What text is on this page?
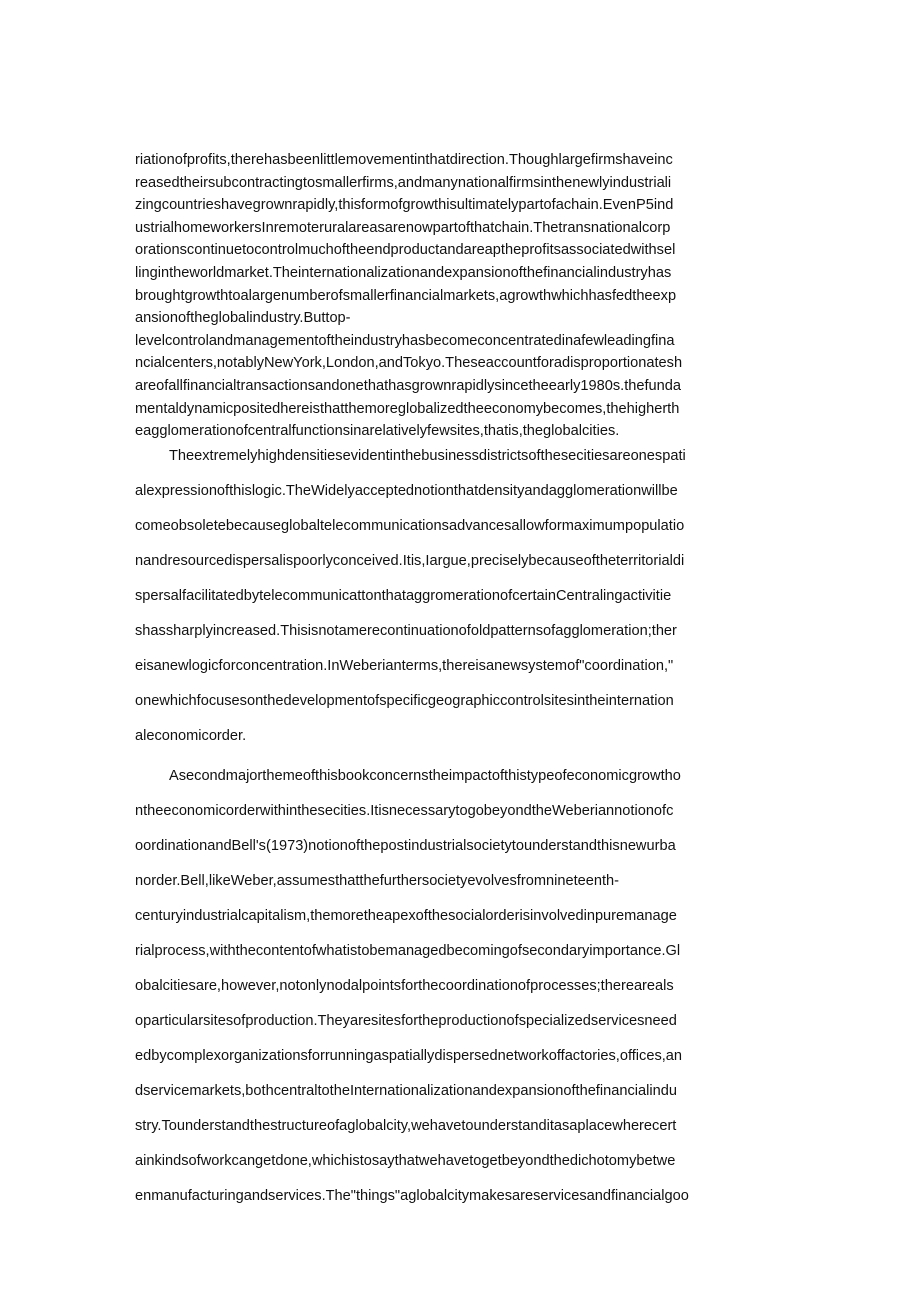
riationofprofits,therehasbeenlittlemovementinthatdirection.Thoughlargefirmshaveinc
reasedtheirsubcontractingtosmallerfirms,andmanynationalfirmsinthenewlyindustriali
zingcountrieshavegrownrapidly,thisformofgrowthisultimatelypartofachain.EvenP5ind
ustrialhomeworkersInremoteruralareasarenowpartofthatchain.Thetransnationalcorp
orationscontinuetocontrolmuchoftheendproductandareaptheprofitsassociatedwithsel
lingintheworldmarket.Theinternationalizationandexpansionofthefinancialindustryhas
broughtgrowthtoalargenumberofsmallerfinancialmarkets,agrowthwhichhasfedtheexp
ansionoftheglobalindustry.Buttop-
levelcontrolandmanagementoftheindustryhasbecomeconcentratedinafewleadingfina
ncialcenters,notablyNewYork,London,andTokyo.Theseaccountforadisproportionatesh
areofallfinancialtransactionsandonethathasgrownrapidlysincetheearly1980s.thefunda
mentaldynamicpositedhereisthatthemoreglobalizedtheeconomybecomes,thehigherth
eagglomerationofcentralfunctionsinarelativelyfewsites,thatis,theglobalcities.
Theextremelyhighdensitiesevidentinthebusinessdistrictsofthesecitiesareonespati
alexpressionofthislogic.TheWidelyacceptednotionthatdensityandagglomerationwillbe
comeobsoletebecauseglobaltelecommunicationsadvancesallowformaximumpopulatio
nandresourcedispersalispoorlyconceived.Itis,Iargue,preciselybecauseoftheterritorialdi
spersalfacilitatedbytelecommunicattonthataggromerationofcertainCentralingactivitie
shassharplyincreased.Thisisnotamerecontinuationofoldpatternsofagglomeration;ther
eisanewlogicforconcentration.InWeberianterms,thereisanewsystemof"coordination,"
onewhichfocusesonthedevelopmentofspecificgeographiccontrolsitesintheinternation
aleconomicorder.
Asecondmajorthemeofthisbookconcernstheimpactofthistypeofeconomicgrowtho
ntheeconomicorderwithinthesecities.ItisnecessarytogobeyondtheWeberiannotionofc
oordinationandBell's(1973)notionofthepostindustrialsocietytounderstandthisnewurba
norder.Bell,likeWeber,assumesthatthefurthersocietyevolvesfromnineteenth-
centuryindustrialcapitalism,themoretheapexofthesocialorderisinvolvedinpuremanage
rialprocess,withthecontentofwhatistobemanagedbecomingofsecondaryimportance.Gl
obalcitiesare,however,notonlynodalpointsforthecoordinationofprocesses;thereareals
oparticularsitesofproduction.Theyaresitesfortheproductionofspecializedservicesneed
edbycomplexorganizationsforrunningaspatiallydispersednetworkoffactories,offices,an
dservicemarkets,bothcentraltotheInternationalizationandexpansionofthefinancialindu
stry.Tounderstandthestructureofaglobalcity,wehavetounderstanditasaplacewherecert
ainkindsofworkcangetdone,whichistosaythatwehavetogetbeyondthedichotomybetwe
enmanufacturingandservices.The"things"aglobalcitymakesareservicesandfinancialgoo
